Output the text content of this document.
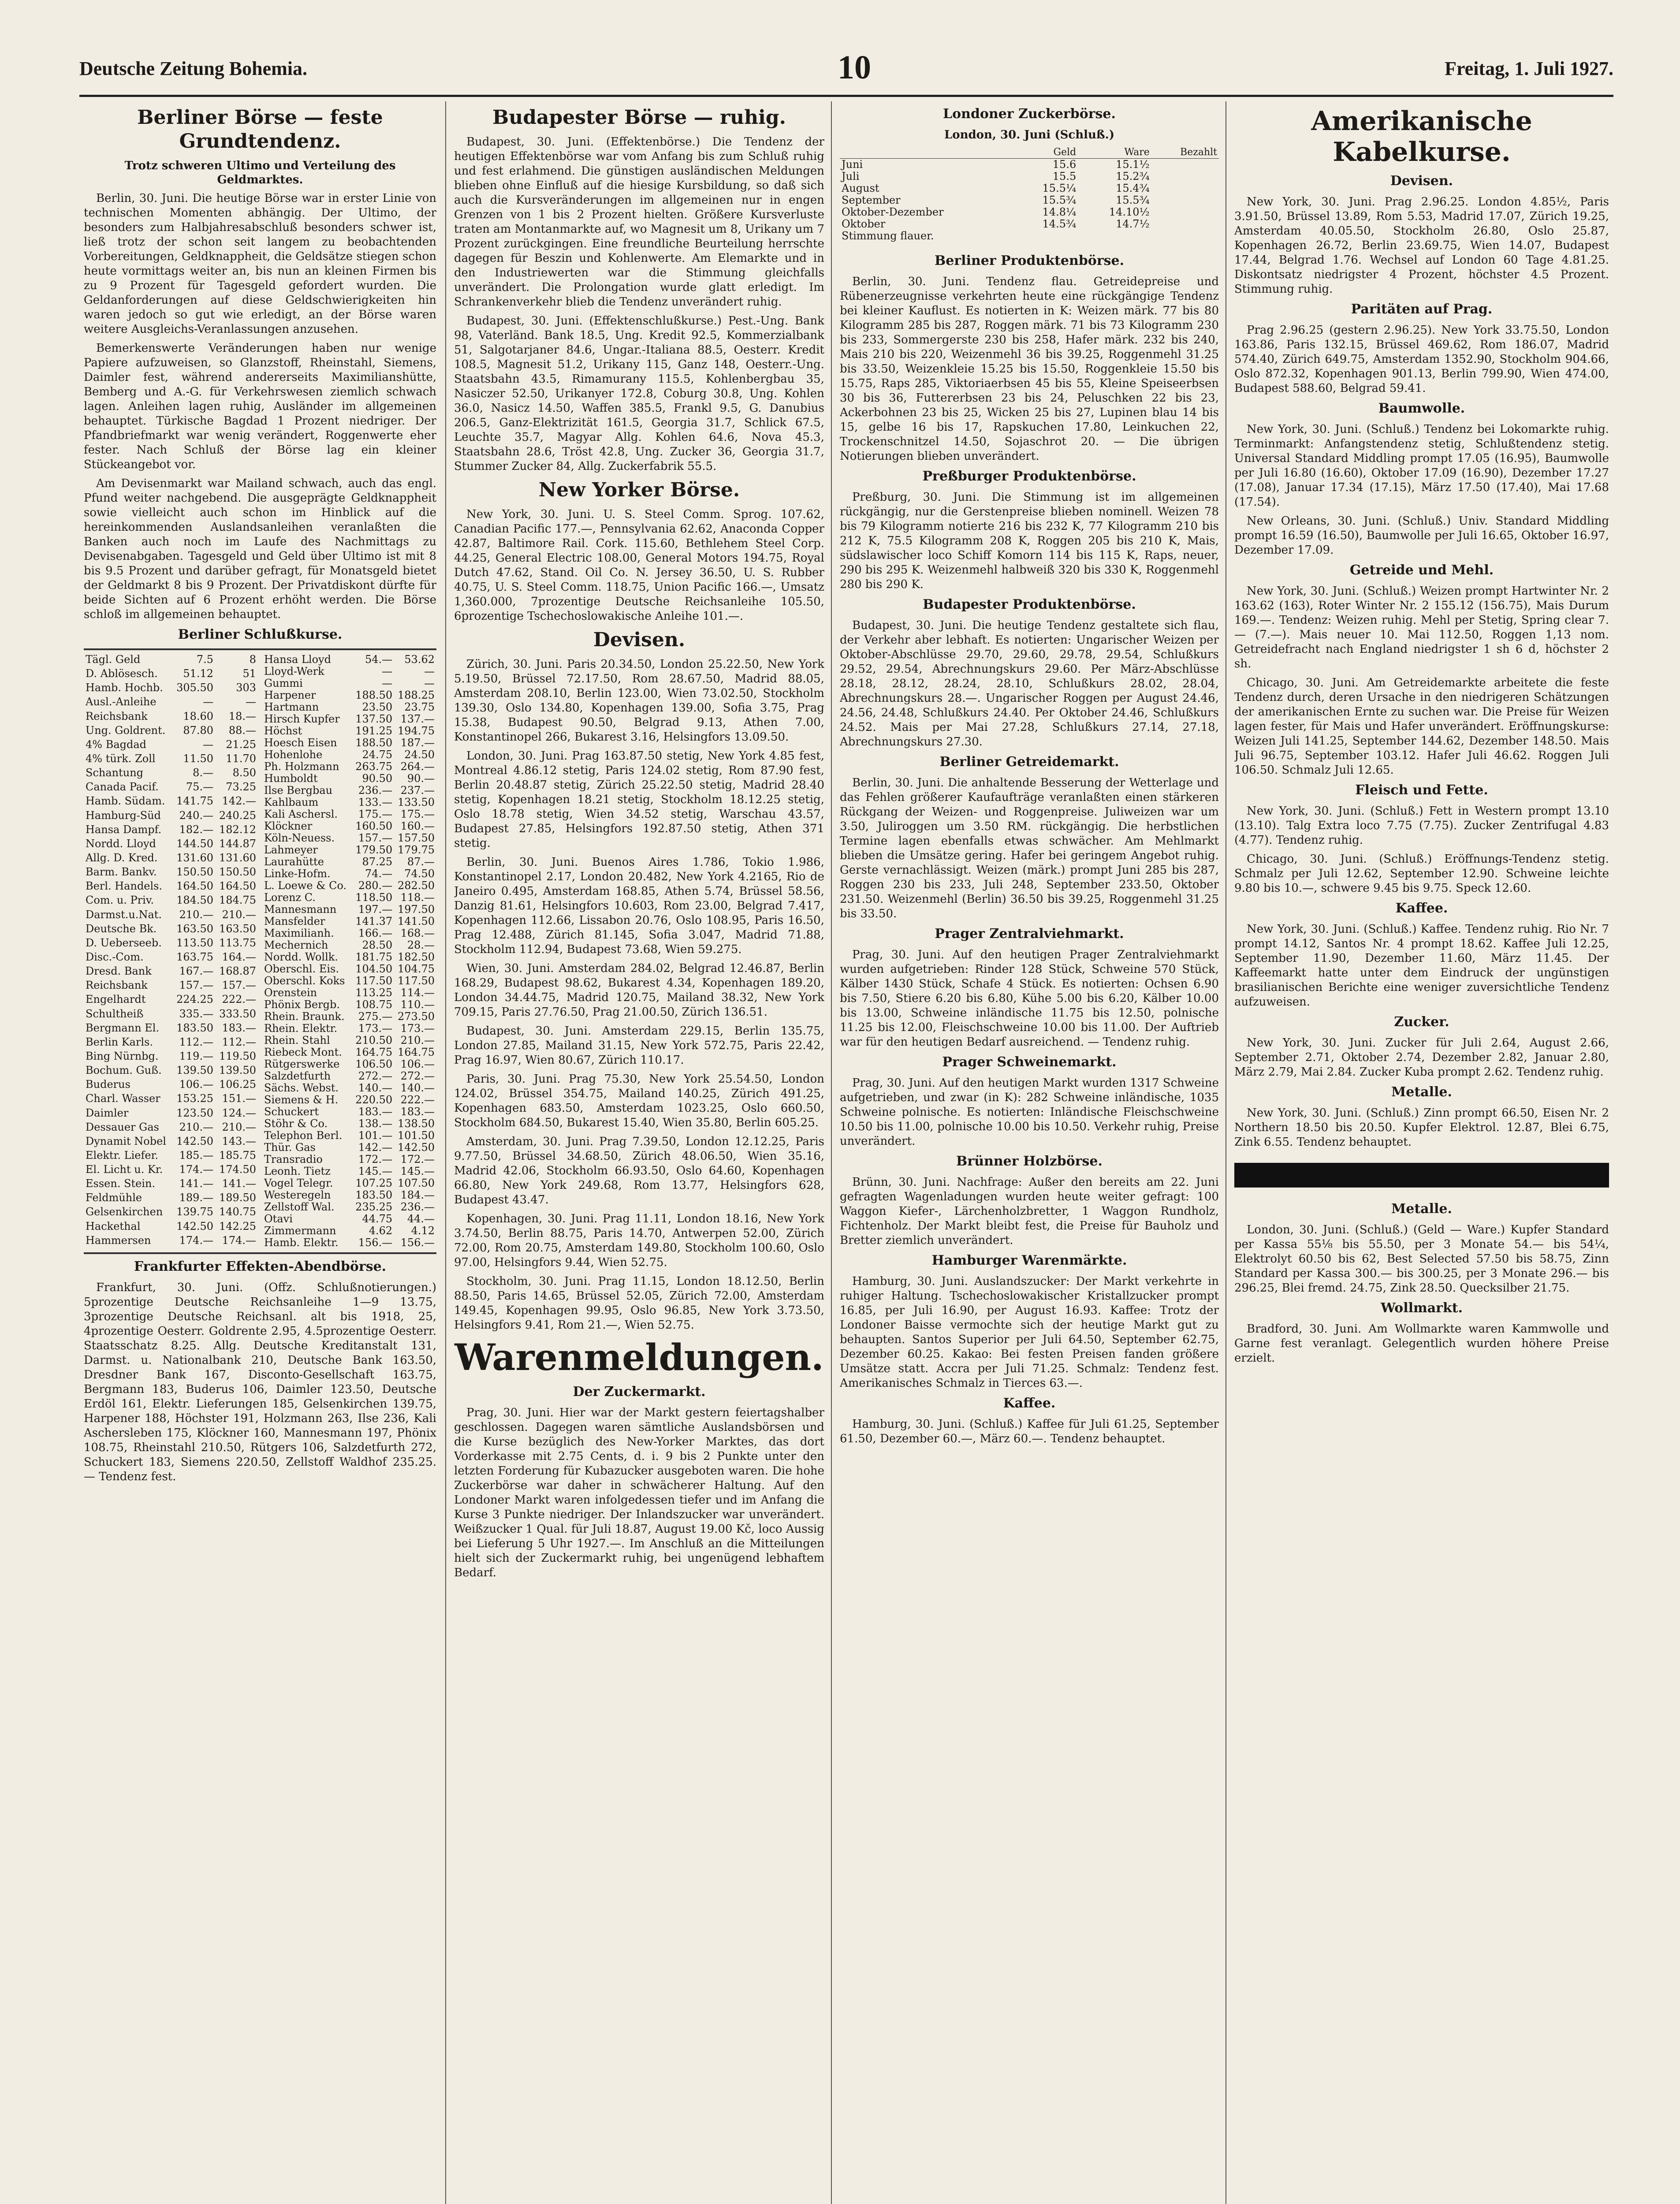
Deutsche Zeitung Bohemia.	10	Freitag, 1. Juli 1927.
Berliner Börse — feste Grundtendenz.
Trotz schweren Ultimo und Verteilung des Geldmarktes.

Berlin, 30. Juni. Die heutige Börse war in erster Linie von technischen Momenten abhängig. Der Ultimo, der besonders zum Halbjahresabschluß besonders schwer ist, ließ trotz der schon seit langem zu beobachtenden Vorbereitungen, Geldknappheit, die Geldsätze stiegen schon heute vormittags weiter an, bis nun an kleinen Firmen bis zu 9 Prozent für Tagesgeld gefordert wurden. Die Geldanforderungen auf diese Geldschwierigkeiten hin waren jedoch so gut wie erledigt, an der Börse waren weitere Ausgleichs-Veranlassungen anzusehen.

Bemerkenswerte Veränderungen haben nur wenige Papiere aufzuweisen, so Glanzstoff, Rheinstahl, Siemens, Daimler fest, während andererseits Maximilianshütte, Bemberg und A.-G. für Verkehrswesen ziemlich schwach lagen. Anleihen lagen ruhig, Ausländer im allgemeinen behauptet. Türkische Bagdad 1 Prozent niedriger. Der Pfandbriefmarkt war wenig verändert, Roggenwerte eher fester. Nach Schluß der Börse lag ein kleiner Stückeangebot vor.

Am Devisenmarkt war Mailand schwach, auch das engl. Pfund weiter nachgebend. Die ausgeprägte Geldknappheit sowie vielleicht auch schon im Hinblick auf die hereinkommenden Auslandsanleihen veranlaßten die Banken auch noch im Laufe des Nachmittags zu Devisenabgaben. Tagesgeld und Geld über Ultimo ist mit 8 bis 9.5 Prozent und darüber gefragt, für Monatsgeld bietet der Geldmarkt 8 bis 9 Prozent. Der Privatdiskont dürfte für beide Sichten auf 6 Prozent erhöht werden. Die Börse schloß im allgemeinen behauptet.

Berliner Schlußkurse.
Tägl. Geld	7.5	8
D. Ablösesch.	51.12	51
Hamb. Hochb.	305.50	303
Ausl.-Anleihe	—	—
Reichsbank	18.60	18.—
Ung. Goldrent.	87.80	88.—
4% Bagdad	—	21.25
4% türk. Zoll	11.50	11.70
Schantung	8.—	8.50
Canada Pacif.	75.—	73.25
Hamb. Südam.	141.75	142.—
Hamburg-Süd	240.—	240.25
Hansa Dampf.	182.—	182.12
Nordd. Lloyd	144.50	144.87
Allg. D. Kred.	131.60	131.60
Barm. Bankv.	150.50	150.50
Berl. Handels.	164.50	164.50
Com. u. Priv.	184.50	184.75
Darmst.u.Nat.	210.—	210.—
Deutsche Bk.	163.50	163.50
D. Ueberseeb.	113.50	113.75
Disc.-Com.	163.75	164.—
Dresd. Bank	167.—	168.87
Reichsbank	157.—	157.—
Engelhardt	224.25	222.—
Schultheiß	335.—	333.50
Bergmann El.	183.50	183.—
Berlin Karls.	112.—	112.—
Bing Nürnbg.	119.—	119.50
Bochum. Guß.	139.50	139.50
Buderus	106.—	106.25
Charl. Wasser	153.25	151.—
Daimler	123.50	124.—
Dessauer Gas	210.—	210.—
Dynamit Nobel	142.50	143.—
Elektr. Liefer.	185.—	185.75
El. Licht u. Kr.	174.—	174.50
Essen. Stein.	141.—	141.—
Feldmühle	189.—	189.50
Gelsenkirchen	139.75	140.75
Hackethal	142.50	142.25
Hammersen	174.—	174.—
Hansa Lloyd	54.—	53.62
Lloyd-Werk	—	—
Gummi	—	—
Harpener	188.50	188.25
Hartmann	23.50	23.75
Hirsch Kupfer	137.50	137.—
Höchst	191.25	194.75
Hoesch Eisen	188.50	187.—
Hohenlohe	24.75	24.50
Ph. Holzmann	263.75	264.—
Humboldt	90.50	90.—
Ilse Bergbau	236.—	237.—
Kahlbaum	133.—	133.50
Kali Aschersl.	175.—	175.—
Klöckner	160.50	160.—
Köln-Neuess.	157.—	157.50
Lahmeyer	179.50	179.75
Laurahütte	87.25	87.—
Linke-Hofm.	74.—	74.50
L. Loewe & Co.	280.—	282.50
Lorenz C.	118.50	118.—
Mannesmann	197.—	197.50
Mansfelder	141.37	141.50
Maximilianh.	166.—	168.—
Mechernich	28.50	28.—
Nordd. Wollk.	181.75	182.50
Oberschl. Eis.	104.50	104.75
Oberschl. Koks	117.50	117.50
Orenstein	113.25	114.—
Phönix Bergb.	108.75	110.—
Rhein. Braunk.	275.—	273.50
Rhein. Elektr.	173.—	173.—
Rhein. Stahl	210.50	210.—
Riebeck Mont.	164.75	164.75
Rütgerswerke	106.50	106.—
Salzdetfurth	272.—	272.—
Sächs. Webst.	140.—	140.—
Siemens & H.	220.50	222.—
Schuckert	183.—	183.—
Stöhr & Co.	138.—	138.50
Telephon Berl.	101.—	101.50
Thür. Gas	142.—	142.50
Transradio	172.—	172.—
Leonh. Tietz	145.—	145.—
Vogel Telegr.	107.25	107.50
Westeregeln	183.50	184.—
Zellstoff Wal.	235.25	236.—
Otavi	44.75	44.—
Zimmermann	4.62	4.12
Hamb. Elektr.	156.—	156.—
Frankfurter Effekten-Abendbörse.

Frankfurt, 30. Juni. (Offz. Schlußnotierungen.) 5prozentige Deutsche Reichsanleihe 1—9 13.75, 3prozentige Deutsche Reichsanl. alt bis 1918, 25, 4prozentige Oesterr. Goldrente 2.95, 4.5prozentige Oesterr. Staatsschatz 8.25. Allg. Deutsche Kreditanstalt 131, Darmst. u. Nationalbank 210, Deutsche Bank 163.50, Dresdner Bank 167, Disconto-Gesellschaft 163.75, Bergmann 183, Buderus 106, Daimler 123.50, Deutsche Erdöl 161, Elektr. Lieferungen 185, Gelsenkirchen 139.75, Harpener 188, Höchster 191, Holzmann 263, Ilse 236, Kali Aschersleben 175, Klöckner 160, Mannesmann 197, Phönix 108.75, Rheinstahl 210.50, Rütgers 106, Salzdetfurth 272, Schuckert 183, Siemens 220.50, Zellstoff Waldhof 235.25. — Tendenz fest.

Budapester Börse — ruhig.

Budapest, 30. Juni. (Effektenbörse.) Die Tendenz der heutigen Effektenbörse war vom Anfang bis zum Schluß ruhig und fest erlahmend. Die günstigen ausländischen Meldungen blieben ohne Einfluß auf die hiesige Kursbildung, so daß sich auch die Kursveränderungen im allgemeinen nur in engen Grenzen von 1 bis 2 Prozent hielten. Größere Kursverluste traten am Montanmarkte auf, wo Magnesit um 8, Urikany um 7 Prozent zurückgingen. Eine freundliche Beurteilung herrschte dagegen für Beszin und Kohlenwerte. Am Elemarkte und in den Industriewerten war die Stimmung gleichfalls unverändert. Die Prolongation wurde glatt erledigt. Im Schrankenverkehr blieb die Tendenz unverändert ruhig.

Budapest, 30. Juni. (Effektenschlußkurse.) Pest.-Ung. Bank 98, Vaterländ. Bank 18.5, Ung. Kredit 92.5, Kommerzialbank 51, Salgotarjaner 84.6, Ungar.-Italiana 88.5, Oesterr. Kredit 108.5, Magnesit 51.2, Urikany 115, Ganz 148, Oesterr.-Ung. Staatsbahn 43.5, Rimamurany 115.5, Kohlenbergbau 35, Nasiczer 52.50, Urikanyer 172.8, Coburg 30.8, Ung. Kohlen 36.0, Nasicz 14.50, Waffen 385.5, Frankl 9.5, G. Danubius 206.5, Ganz-Elektrizität 161.5, Georgia 31.7, Schlick 67.5, Leuchte 35.7, Magyar Allg. Kohlen 64.6, Nova 45.3, Staatsbahn 28.6, Tröst 42.8, Ung. Zucker 36, Georgia 31.7, Stummer Zucker 84, Allg. Zuckerfabrik 55.5.

New Yorker Börse.

New York, 30. Juni. U. S. Steel Comm. Sprog. 107.62, Canadian Pacific 177.—, Pennsylvania 62.62, Anaconda Copper 42.87, Baltimore Rail. Cork. 115.60, Bethlehem Steel Corp. 44.25, General Electric 108.00, General Motors 194.75, Royal Dutch 47.62, Stand. Oil Co. N. Jersey 36.50, U. S. Rubber 40.75, U. S. Steel Comm. 118.75, Union Pacific 166.—, Umsatz 1,360.000, 7prozentige Deutsche Reichsanleihe 105.50, 6prozentige Tschechoslowakische Anleihe 101.—.

Devisen.

Zürich, 30. Juni. Paris 20.34.50, London 25.22.50, New York 5.19.50, Brüssel 72.17.50, Rom 28.67.50, Madrid 88.05, Amsterdam 208.10, Berlin 123.00, Wien 73.02.50, Stockholm 139.30, Oslo 134.80, Kopenhagen 139.00, Sofia 3.75, Prag 15.38, Budapest 90.50, Belgrad 9.13, Athen 7.00, Konstantinopel 266, Bukarest 3.16, Helsingfors 13.09.50.

London, 30. Juni. Prag 163.87.50 stetig, New York 4.85 fest, Montreal 4.86.12 stetig, Paris 124.02 stetig, Rom 87.90 fest, Berlin 20.48.87 stetig, Zürich 25.22.50 stetig, Madrid 28.40 stetig, Kopenhagen 18.21 stetig, Stockholm 18.12.25 stetig, Oslo 18.78 stetig, Wien 34.52 stetig, Warschau 43.57, Budapest 27.85, Helsingfors 192.87.50 stetig, Athen 371 stetig.

Berlin, 30. Juni. Buenos Aires 1.786, Tokio 1.986, Konstantinopel 2.17, London 20.482, New York 4.2165, Rio de Janeiro 0.495, Amsterdam 168.85, Athen 5.74, Brüssel 58.56, Danzig 81.61, Helsingfors 10.603, Rom 23.00, Belgrad 7.417, Kopenhagen 112.66, Lissabon 20.76, Oslo 108.95, Paris 16.50, Prag 12.488, Zürich 81.145, Sofia 3.047, Madrid 71.88, Stockholm 112.94, Budapest 73.68, Wien 59.275.

Wien, 30. Juni. Amsterdam 284.02, Belgrad 12.46.87, Berlin 168.29, Budapest 98.62, Bukarest 4.34, Kopenhagen 189.20, London 34.44.75, Madrid 120.75, Mailand 38.32, New York 709.15, Paris 27.76.50, Prag 21.00.50, Zürich 136.51.

Budapest, 30. Juni. Amsterdam 229.15, Berlin 135.75, London 27.85, Mailand 31.15, New York 572.75, Paris 22.42, Prag 16.97, Wien 80.67, Zürich 110.17.

Paris, 30. Juni. Prag 75.30, New York 25.54.50, London 124.02, Brüssel 354.75, Mailand 140.25, Zürich 491.25, Kopenhagen 683.50, Amsterdam 1023.25, Oslo 660.50, Stockholm 684.50, Bukarest 15.40, Wien 35.80, Berlin 605.25.

Amsterdam, 30. Juni. Prag 7.39.50, London 12.12.25, Paris 9.77.50, Brüssel 34.68.50, Zürich 48.06.50, Wien 35.16, Madrid 42.06, Stockholm 66.93.50, Oslo 64.60, Kopenhagen 66.80, New York 249.68, Rom 13.77, Helsingfors 628, Budapest 43.47.

Kopenhagen, 30. Juni. Prag 11.11, London 18.16, New York 3.74.50, Berlin 88.75, Paris 14.70, Antwerpen 52.00, Zürich 72.00, Rom 20.75, Amsterdam 149.80, Stockholm 100.60, Oslo 97.00, Helsingfors 9.44, Wien 52.75.

Stockholm, 30. Juni. Prag 11.15, London 18.12.50, Berlin 88.50, Paris 14.65, Brüssel 52.05, Zürich 72.00, Amsterdam 149.45, Kopenhagen 99.95, Oslo 96.85, New York 3.73.50, Helsingfors 9.41, Rom 21.—, Wien 52.75.

Warenmeldungen.
Der Zuckermarkt.

Prag, 30. Juni. Hier war der Markt gestern feiertagshalber geschlossen. Dagegen waren sämtliche Auslandsbörsen und die Kurse bezüglich des New-Yorker Marktes, das dort Vorderkasse mit 2.75 Cents, d. i. 9 bis 2 Punkte unter den letzten Forderung für Kubazucker ausgeboten waren. Die hohe Zuckerbörse war daher in schwächerer Haltung. Auf den Londoner Markt waren infolgedessen tiefer und im Anfang die Kurse 3 Punkte niedriger. Der Inlandszucker war unverändert. Weißzucker 1 Qual. für Juli 18.87, August 19.00 Kč, loco Aussig bei Lieferung 5 Uhr 1927.—. Im Anschluß an die Mitteilungen hielt sich der Zuckermarkt ruhig, bei ungenügend lebhaftem Bedarf.

Londoner Zuckerbörse.
London, 30. Juni (Schluß.)
	Geld	Ware	Bezahlt
Juni	15.6	15.1¹⁄₂	
Juli	15.5	15.2³⁄₄	
August	15.5¹⁄₄	15.4³⁄₄	
September	15.5³⁄₄	15.5³⁄₄	
Oktober-Dezember	14.8¹⁄₄	14.10¹⁄₂	
Oktober	14.5³⁄₄	14.7¹⁄₂	
Stimmung flauer.			
Berliner Produktenbörse.

Berlin, 30. Juni. Tendenz flau. Getreidepreise und Rübenerzeugnisse verkehrten heute eine rückgängige Tendenz bei kleiner Kauflust. Es notierten in K: Weizen märk. 77 bis 80 Kilogramm 285 bis 287, Roggen märk. 71 bis 73 Kilogramm 230 bis 233, Sommergerste 230 bis 258, Hafer märk. 232 bis 240, Mais 210 bis 220, Weizenmehl 36 bis 39.25, Roggenmehl 31.25 bis 33.50, Weizenkleie 15.25 bis 15.50, Roggenkleie 15.50 bis 15.75, Raps 285, Viktoriaerbsen 45 bis 55, Kleine Speiseerbsen 30 bis 36, Futtererbsen 23 bis 24, Peluschken 22 bis 23, Ackerbohnen 23 bis 25, Wicken 25 bis 27, Lupinen blau 14 bis 15, gelbe 16 bis 17, Rapskuchen 17.80, Leinkuchen 22, Trockenschnitzel 14.50, Sojaschrot 20. — Die übrigen Notierungen blieben unverändert.

Preßburger Produktenbörse.

Preßburg, 30. Juni. Die Stimmung ist im allgemeinen rückgängig, nur die Gerstenpreise blieben nominell. Weizen 78 bis 79 Kilogramm notierte 216 bis 232 K, 77 Kilogramm 210 bis 212 K, 75.5 Kilogramm 208 K, Roggen 205 bis 210 K, Mais, südslawischer loco Schiff Komorn 114 bis 115 K, Raps, neuer, 290 bis 295 K. Weizenmehl halbweiß 320 bis 330 K, Roggenmehl 280 bis 290 K.

Budapester Produktenbörse.

Budapest, 30. Juni. Die heutige Tendenz gestaltete sich flau, der Verkehr aber lebhaft. Es notierten: Ungarischer Weizen per Oktober-Abschlüsse 29.70, 29.60, 29.78, 29.54, Schlußkurs 29.52, 29.54, Abrechnungskurs 29.60. Per März-Abschlüsse 28.18, 28.12, 28.24, 28.10, Schlußkurs 28.02, 28.04, Abrechnungskurs 28.—. Ungarischer Roggen per August 24.46, 24.56, 24.48, Schlußkurs 24.40. Per Oktober 24.46, Schlußkurs 24.52. Mais per Mai 27.28, Schlußkurs 27.14, 27.18, Abrechnungskurs 27.30.

Berliner Getreidemarkt.

Berlin, 30. Juni. Die anhaltende Besserung der Wetterlage und das Fehlen größerer Kaufaufträge veranlaßten einen stärkeren Rückgang der Weizen- und Roggenpreise. Juliweizen war um 3.50, Juliroggen um 3.50 RM. rückgängig. Die herbstlichen Termine lagen ebenfalls etwas schwächer. Am Mehlmarkt blieben die Umsätze gering. Hafer bei geringem Angebot ruhig. Gerste vernachlässigt. Weizen (märk.) prompt Juni 285 bis 287, Roggen 230 bis 233, Juli 248, September 233.50, Oktober 231.50. Weizenmehl (Berlin) 36.50 bis 39.25, Roggenmehl 31.25 bis 33.50.

Prager Zentralviehmarkt.

Prag, 30. Juni. Auf den heutigen Prager Zentralviehmarkt wurden aufgetrieben: Rinder 128 Stück, Schweine 570 Stück, Kälber 1430 Stück, Schafe 4 Stück. Es notierten: Ochsen 6.90 bis 7.50, Stiere 6.20 bis 6.80, Kühe 5.00 bis 6.20, Kälber 10.00 bis 13.00, Schweine inländische 11.75 bis 12.50, polnische 11.25 bis 12.00, Fleischschweine 10.00 bis 11.00. Der Auftrieb war für den heutigen Bedarf ausreichend. — Tendenz ruhig.

Prager Schweinemarkt.

Prag, 30. Juni. Auf den heutigen Markt wurden 1317 Schweine aufgetrieben, und zwar (in K): 282 Schweine inländische, 1035 Schweine polnische. Es notierten: Inländische Fleischschweine 10.50 bis 11.00, polnische 10.00 bis 10.50. Verkehr ruhig, Preise unverändert.

Brünner Holzbörse.

Brünn, 30. Juni. Nachfrage: Außer den bereits am 22. Juni gefragten Wagenladungen wurden heute weiter gefragt: 100 Waggon Kiefer-, Lärchenholzbretter, 1 Waggon Rundholz, Fichtenholz. Der Markt bleibt fest, die Preise für Bauholz und Bretter ziemlich unverändert.

Hamburger Warenmärkte.

Hamburg, 30. Juni. Auslandszucker: Der Markt verkehrte in ruhiger Haltung. Tschechoslowakischer Kristallzucker prompt 16.85, per Juli 16.90, per August 16.93. Kaffee: Trotz der Londoner Baisse vermochte sich der heutige Markt gut zu behaupten. Santos Superior per Juli 64.50, September 62.75, Dezember 60.25. Kakao: Bei festen Preisen fanden größere Umsätze statt. Accra per Juli 71.25. Schmalz: Tendenz fest. Amerikanisches Schmalz in Tierces 63.—.

Kaffee.

Hamburg, 30. Juni. (Schluß.) Kaffee für Juli 61.25, September 61.50, Dezember 60.—, März 60.—. Tendenz behauptet.

Amerikanische Kabelkurse.
Devisen.

New York, 30. Juni. Prag 2.96.25. London 4.85¹⁄₂, Paris 3.91.50, Brüssel 13.89, Rom 5.53, Madrid 17.07, Zürich 19.25, Amsterdam 40.05.50, Stockholm 26.80, Oslo 25.87, Kopenhagen 26.72, Berlin 23.69.75, Wien 14.07, Budapest 17.44, Belgrad 1.76. Wechsel auf London 60 Tage 4.81.25. Diskontsatz niedrigster 4 Prozent, höchster 4.5 Prozent. Stimmung ruhig.

Paritäten auf Prag.

Prag 2.96.25 (gestern 2.96.25). New York 33.75.50, London 163.86, Paris 132.15, Brüssel 469.62, Rom 186.07, Madrid 574.40, Zürich 649.75, Amsterdam 1352.90, Stockholm 904.66, Oslo 872.32, Kopenhagen 901.13, Berlin 799.90, Wien 474.00, Budapest 588.60, Belgrad 59.41.

Baumwolle.

New York, 30. Juni. (Schluß.) Tendenz bei Lokomarkte ruhig. Terminmarkt: Anfangstendenz stetig, Schlußtendenz stetig. Universal Standard Middling prompt 17.05 (16.95), Baumwolle per Juli 16.80 (16.60), Oktober 17.09 (16.90), Dezember 17.27 (17.08), Januar 17.34 (17.15), März 17.50 (17.40), Mai 17.68 (17.54).

New Orleans, 30. Juni. (Schluß.) Univ. Standard Middling prompt 16.59 (16.50), Baumwolle per Juli 16.65, Oktober 16.97, Dezember 17.09.

Getreide und Mehl.

New York, 30. Juni. (Schluß.) Weizen prompt Hartwinter Nr. 2 163.62 (163), Roter Winter Nr. 2 155.12 (156.75), Mais Durum 169.—. Tendenz: Weizen ruhig. Mehl per Stetig, Spring clear 7.— (7.—). Mais neuer 10. Mai 112.50, Roggen 1,13 nom. Getreidefracht nach England niedrigster 1 sh 6 d, höchster 2 sh.

Chicago, 30. Juni. Am Getreidemarkte arbeitete die feste Tendenz durch, deren Ursache in den niedrigeren Schätzungen der amerikanischen Ernte zu suchen war. Die Preise für Weizen lagen fester, für Mais und Hafer unverändert. Eröffnungskurse: Weizen Juli 141.25, September 144.62, Dezember 148.50. Mais Juli 96.75, September 103.12. Hafer Juli 46.62. Roggen Juli 106.50. Schmalz Juli 12.65.

Fleisch und Fette.

New York, 30. Juni. (Schluß.) Fett in Western prompt 13.10 (13.10). Talg Extra loco 7.75 (7.75). Zucker Zentrifugal 4.83 (4.77). Tendenz ruhig.

Chicago, 30. Juni. (Schluß.) Eröffnungs-Tendenz stetig. Schmalz per Juli 12.62, September 12.90. Schweine leichte 9.80 bis 10.—, schwere 9.45 bis 9.75. Speck 12.60.

Kaffee.

New York, 30. Juni. (Schluß.) Kaffee. Tendenz ruhig. Rio Nr. 7 prompt 14.12, Santos Nr. 4 prompt 18.62. Kaffee Juli 12.25, September 11.90, Dezember 11.60, März 11.45. Der Kaffeemarkt hatte unter dem Eindruck der ungünstigen brasilianischen Berichte eine weniger zuversichtliche Tendenz aufzuweisen.

Zucker.

New York, 30. Juni. Zucker für Juli 2.64, August 2.66, September 2.71, Oktober 2.74, Dezember 2.82, Januar 2.80, März 2.79, Mai 2.84. Zucker Kuba prompt 2.62. Tendenz ruhig.

Metalle.

New York, 30. Juni. (Schluß.) Zinn prompt 66.50, Eisen Nr. 2 Northern 18.50 bis 20.50. Kupfer Elektrol. 12.87, Blei 6.75, Zink 6.55. Tendenz behauptet.

Metalle.

London, 30. Juni. (Schluß.) (Geld — Ware.) Kupfer Standard per Kassa 55¹⁄₈ bis 55.50, per 3 Monate 54.— bis 54¹⁄₄, Elektrolyt 60.50 bis 62, Best Selected 57.50 bis 58.75, Zinn Standard per Kassa 300.— bis 300.25, per 3 Monate 296.— bis 296.25, Blei fremd. 24.75, Zink 28.50. Quecksilber 21.75.

Wollmarkt.

Bradford, 30. Juni. Am Wollmarkte waren Kammwolle und Garne fest veranlagt. Gelegentlich wurden höhere Preise erzielt.
